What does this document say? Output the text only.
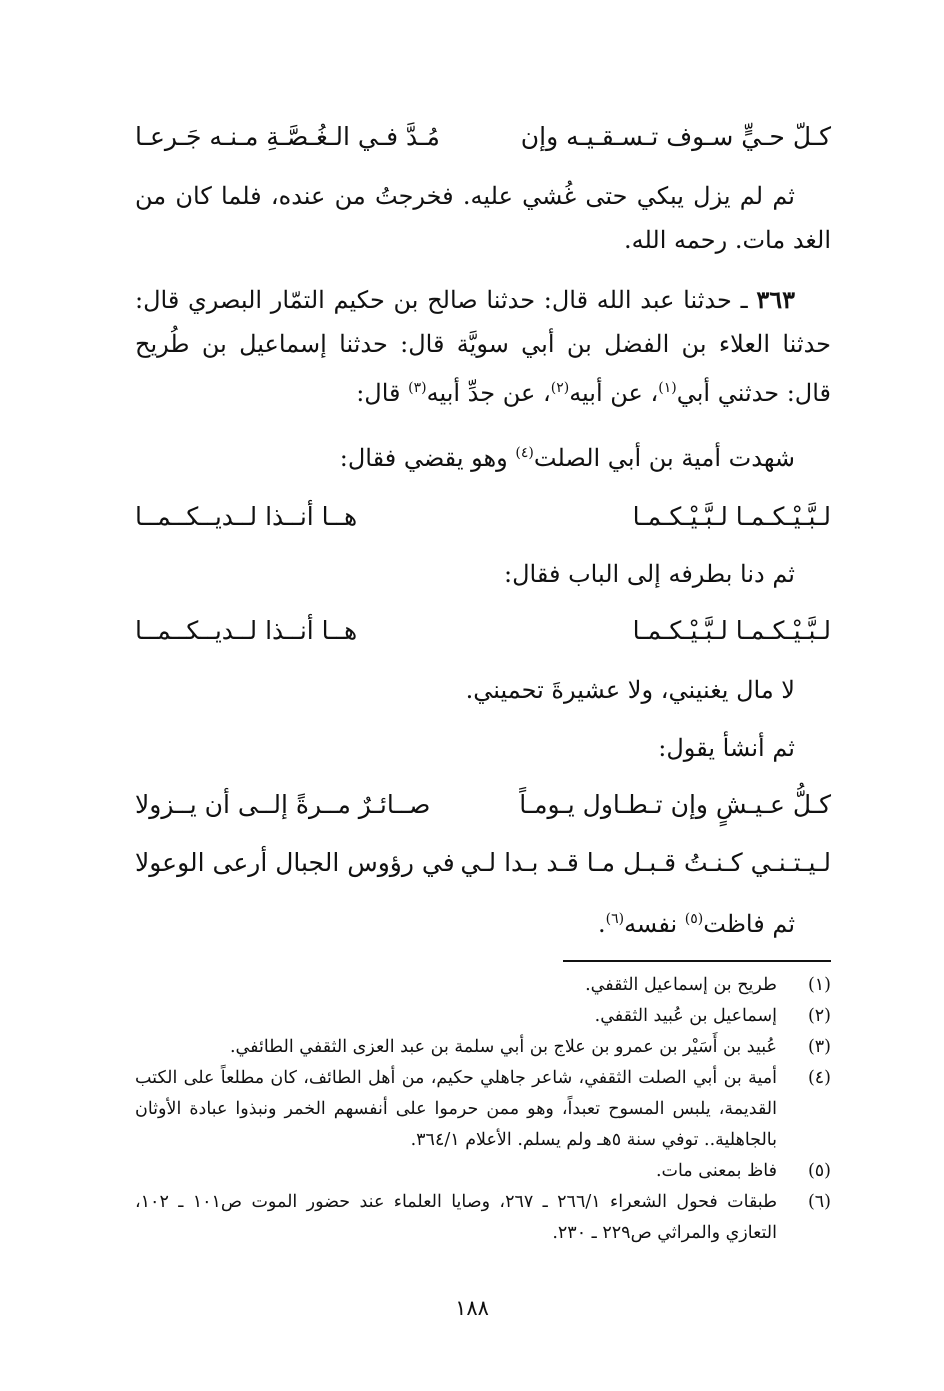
كـلّ حـيٍّ سـوف تـسـقـيـه وإن
مُـدَّ فـي الـغُـصَّـةِ مـنـه جَـرعـا

ثم لم يزل يبكي حتى غُشي عليه. فخرجتُ من عنده، فلما كان من الغد مات. رحمه الله.

٣٦٣ ـ حدثنا عبد الله قال: حدثنا صالح بن حكيم التمّار البصري قال: حدثنا العلاء بن الفضل بن أبي سويَّة قال: حدثنا إسماعيل بن طُريح قال: حدثني أبي$^{(١)}$، عن أبيه$^{(٢)}$، عن جدِّ أبيه$^{(٣)}$ قال:

شهدت أمية بن أبي الصلت$^{(٤)}$ وهو يقضي فقال:

لـبَّـيْـكـمـا لـبَّـيْـكـمـا
هــا أنــذا لــديــكــمــا

ثم دنا بطرفه إلى الباب فقال:

لـبَّـيْـكـمـا لـبَّـيْـكـمـا
هــا أنــذا لــديــكــمــا

لا مال يغنيني، ولا عشيرةَ تحميني.

ثم أنشأ يقول:

كـلُّ عـيـشٍ وإن تـطـاول يـومـاً
صــائـرٌ مــرةً إلــى أن يــزولا
لـيـتـنـي كـنـتُ قـبـل مـا قـد بـدا لـي
في رؤوس الجبال أرعى الوعولا

ثم فاظت$^{(٥)}$ نفسه$^{(٦)}$.

(١)
طريح بن إسماعيل الثقفي.
(٢)
إسماعيل بن عُبيد الثقفي.
(٣)
عُبيد بن أَسَيْر بن عمرو بن علاج بن أبي سلمة بن عبد العزى الثقفي الطائفي.
(٤)
أمية بن أبي الصلت الثقفي، شاعر جاهلي حكيم، من أهل الطائف، كان مطلعاً على الكتب القديمة، يلبس المسوح تعبداً، وهو ممن حرموا على أنفسهم الخمر ونبذوا عبادة الأوثان بالجاهلية.. توفي سنة ٥هـ ولم يسلم. الأعلام ٣٦٤/١.
(٥)
فاظ بمعنى مات.
(٦)
طبقات فحول الشعراء ٢٦٦/١ ـ ٢٦٧، وصايا العلماء عند حضور الموت ص١٠١ ـ ١٠٢، التعازي والمراثي ص٢٢٩ ـ ٢٣٠.
١٨٨
